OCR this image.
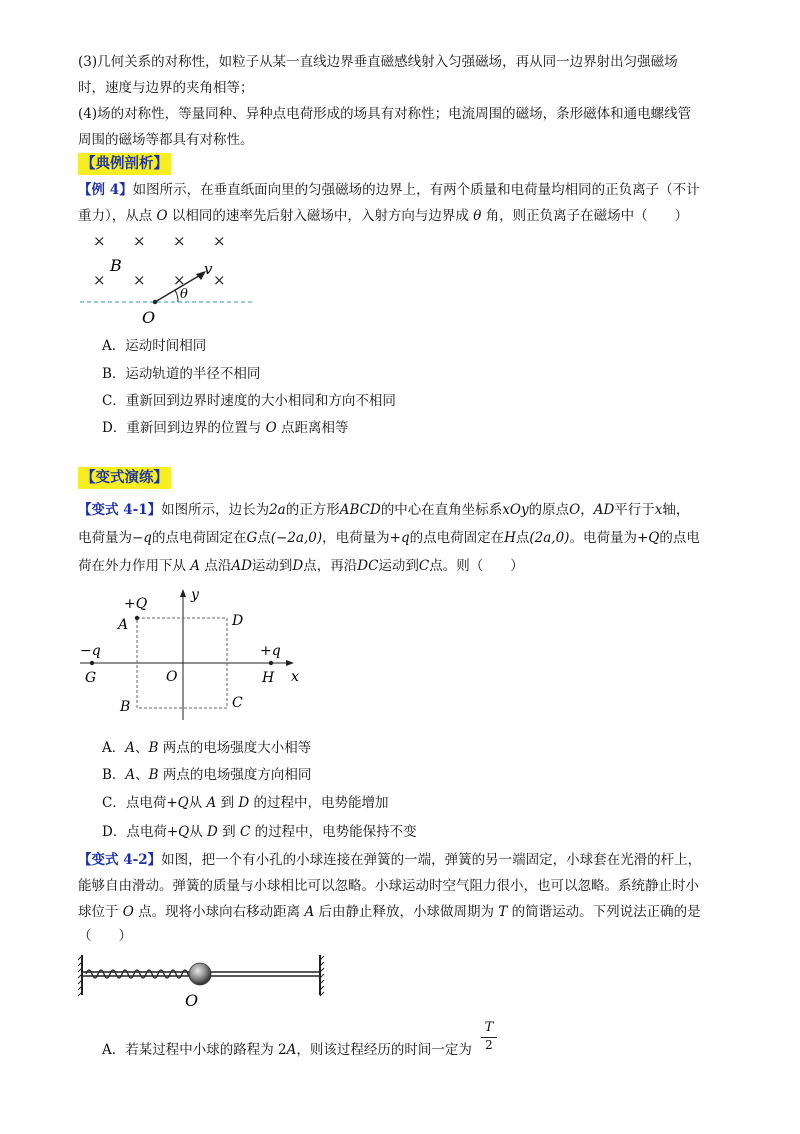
(3)几何关系的对称性，如粒子从某一直线边界垂直磁感线射入匀强磁场，再从同一边界射出匀强磁场
时，速度与边界的夹角相等；
(4)场的对称性，等量同种、异种点电荷形成的场具有对称性；电流周围的磁场，条形磁体和通电螺线管
周围的磁场等都具有对称性。
【典例剖析】
【例 4】如图所示，在垂直纸面向里的匀强磁场的边界上，有两个质量和电荷量均相同的正负离子（不计
重力），从点 O 以相同的速率先后射入磁场中，入射方向与边界成 θ 角，则正负离子在磁场中（　　）
× × × ×
× × × ×
B	v
θ
O
A．运动时间相同
B．运动轨道的半径不相同
C．重新回到边界时速度的大小相同和方向不相同
D．重新回到边界的位置与 O 点距离相等
【变式演练】
【变式 4-1】如图所示，边长为2a的正方形ABCD的中心在直角坐标系xOy的原点O，AD平行于x轴，
电荷量为−q的点电荷固定在G点(−2a,0)，电荷量为+q的点电荷固定在H点(2a,0)。电荷量为+Q的点电
荷在外力作用下从 A 点沿AD运动到D点，再沿DC运动到C点。则（　　）
+Q
y
A	D
−q	+q
G	O	H x
B	C
A．A、B 两点的电场强度大小相等
B．A、B 两点的电场强度方向相同
C．点电荷+Q从 A 到 D 的过程中，电势能增加
D．点电荷+Q从 D 到 C 的过程中，电势能保持不变
【变式 4-2】如图，把一个有小孔的小球连接在弹簧的一端，弹簧的另一端固定，小球套在光滑的杆上，
能够自由滑动。弹簧的质量与小球相比可以忽略。小球运动时空气阻力很小，也可以忽略。系统静止时小
球位于 O 点。现将小球向右移动距离 A 后由静止释放，小球做周期为 T 的简谐运动。下列说法正确的是
（　　）
O
A．若某过程中小球的路程为 2A，则该过程经历的时间一定为
T
2
